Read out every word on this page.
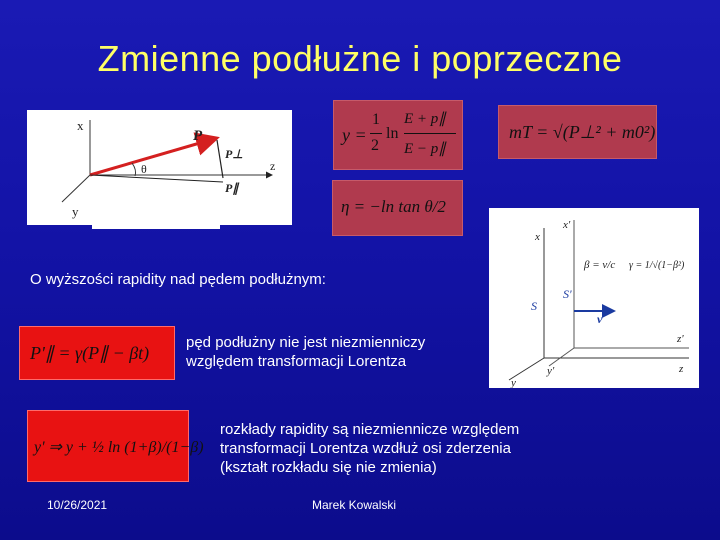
Zmienne podłużne i poprzeczne
x
z
y
P
P⊥
P∥
θ
y =
1
2
ln
E + p∥
E − p∥
mT = √(P⊥² + m0²)
η = −ln tan θ/2
O wyższości rapidity nad pędem podłużnym:
β = v/c γ = 1/√(1−β²)
S
S'
v
x
x'
y
y'
z'
z
P'∥ = γ(P∥ − βt)
pęd podłużny nie jest niezmienniczy
względem transformacji Lorentza
y' ⇒ y + ½ ln (1+β)/(1−β)
rozkłady rapidity są niezmiennicze względem
transformacji Lorentza wzdłuż osi zderzenia
(kształt rozkładu się nie zmienia)
10/26/2021	Marek Kowalski
